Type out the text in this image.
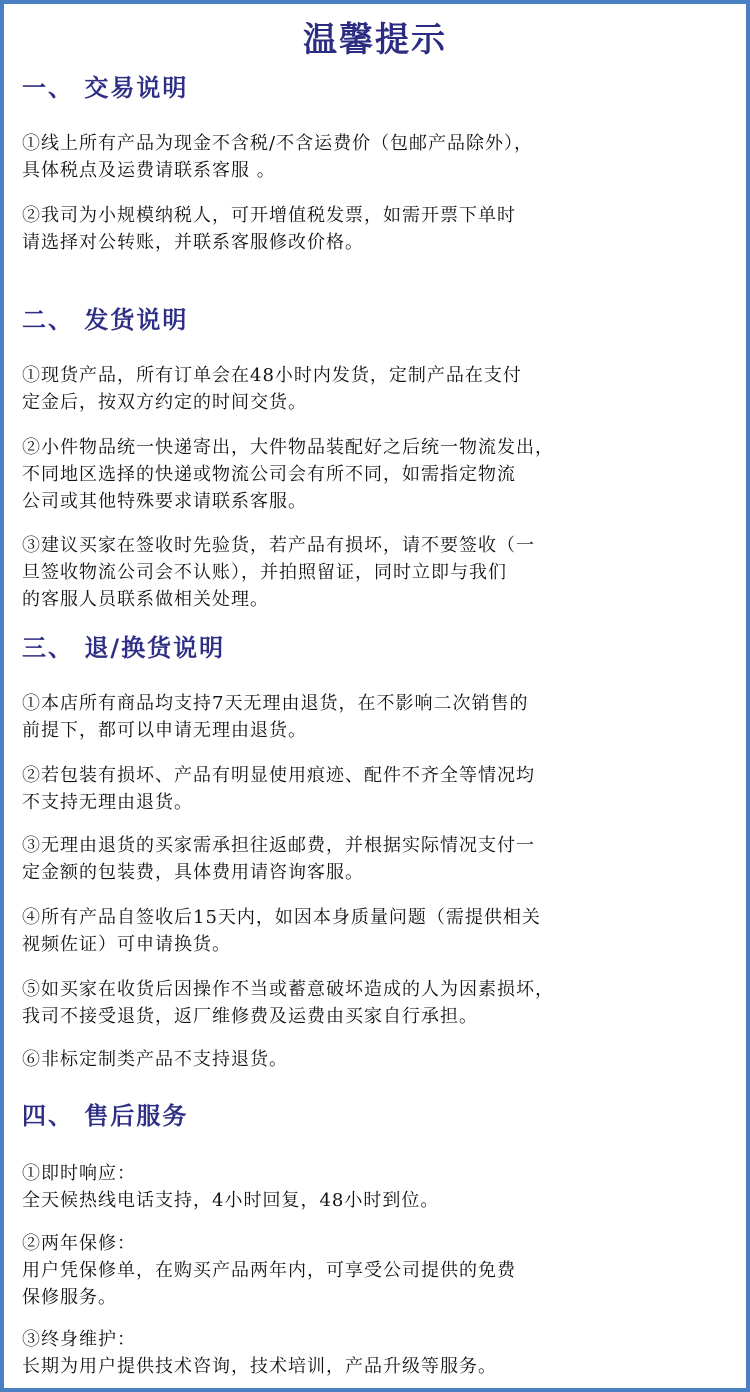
温馨提示
一、 交易说明
①线上所有产品为现金不含税/不含运费价（包邮产品除外），
具体税点及运费请联系客服 。
②我司为小规模纳税人，可开增值税发票，如需开票下单时
请选择对公转账，并联系客服修改价格。
二、 发货说明
①现货产品，所有订单会在48小时内发货，定制产品在支付
定金后，按双方约定的时间交货。
②小件物品统一快递寄出，大件物品装配好之后统一物流发出，
不同地区选择的快递或物流公司会有所不同，如需指定物流
公司或其他特殊要求请联系客服。
③建议买家在签收时先验货，若产品有损坏，请不要签收（一
旦签收物流公司会不认账），并拍照留证，同时立即与我们
的客服人员联系做相关处理。
三、 退/换货说明
①本店所有商品均支持7天无理由退货，在不影响二次销售的
前提下，都可以申请无理由退货。
②若包装有损坏、产品有明显使用痕迹、配件不齐全等情况均
不支持无理由退货。
③无理由退货的买家需承担往返邮费，并根据实际情况支付一
定金额的包装费，具体费用请咨询客服。
④所有产品自签收后15天内，如因本身质量问题（需提供相关
视频佐证）可申请换货。
⑤如买家在收货后因操作不当或蓄意破坏造成的人为因素损坏，
我司不接受退货，返厂维修费及运费由买家自行承担。
⑥非标定制类产品不支持退货。
四、 售后服务
①即时响应：
全天候热线电话支持，4小时回复，48小时到位。
②两年保修：
用户凭保修单，在购买产品两年内，可享受公司提供的免费
保修服务。
③终身维护：
长期为用户提供技术咨询，技术培训，产品升级等服务。
